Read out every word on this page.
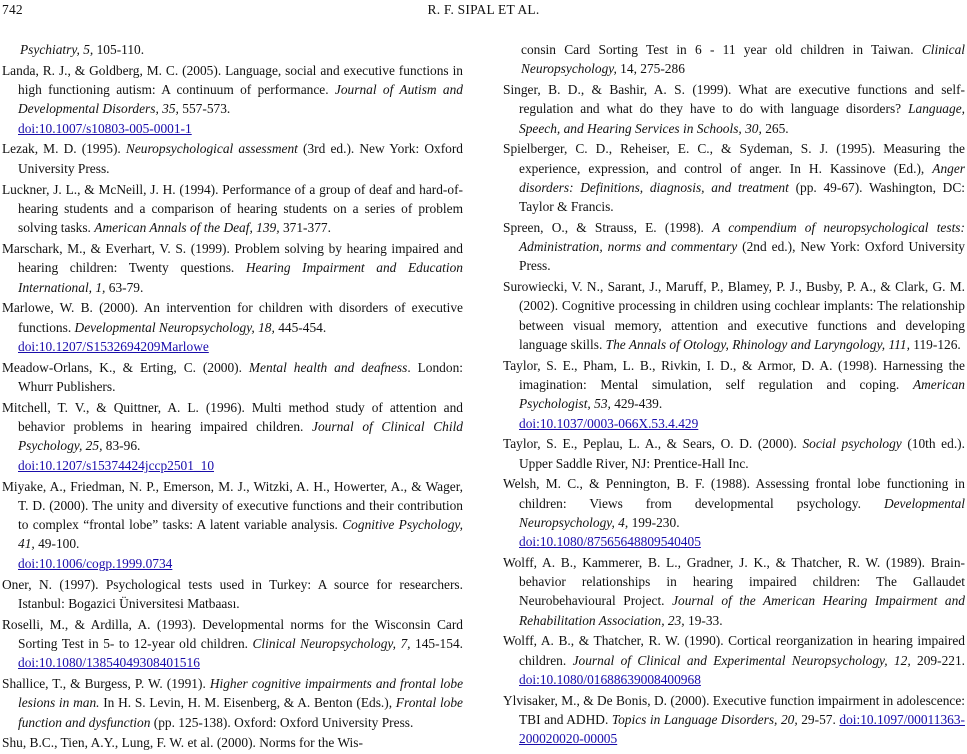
742	R. F. SIPAL ET AL.

Psychiatry, 5, 105-110.

Landa, R. J., & Goldberg, M. C. (2005). Language, social and executive functions in high functioning autism: A continuum of performance. Journal of Autism and Developmental Disorders, 35, 557-573.
doi:10.1007/s10803-005-0001-1

Lezak, M. D. (1995). Neuropsychological assessment (3rd ed.). New York: Oxford University Press.

Luckner, J. L., & McNeill, J. H. (1994). Performance of a group of deaf and hard-of-hearing students and a comparison of hearing students on a series of problem solving tasks. American Annals of the Deaf, 139, 371-377.

Marschark, M., & Everhart, V. S. (1999). Problem solving by hearing impaired and hearing children: Twenty questions. Hearing Impairment and Education International, 1, 63-79.

Marlowe, W. B. (2000). An intervention for children with disorders of executive functions. Developmental Neuropsychology, 18, 445-454.
doi:10.1207/S1532694209Marlowe

Meadow-Orlans, K., & Erting, C. (2000). Mental health and deafness. London: Whurr Publishers.

Mitchell, T. V., & Quittner, A. L. (1996). Multi method study of attention and behavior problems in hearing impaired children. Journal of Clinical Child Psychology, 25, 83-96.
doi:10.1207/s15374424jccp2501_10

Miyake, A., Friedman, N. P., Emerson, M. J., Witzki, A. H., Howerter, A., & Wager, T. D. (2000). The unity and diversity of executive functions and their contribution to complex “frontal lobe” tasks: A latent variable analysis. Cognitive Psychology, 41, 49-100.
doi:10.1006/cogp.1999.0734

Oner, N. (1997). Psychological tests used in Turkey: A source for researchers. Istanbul: Bogazici Üniversitesi Matbaası.

Roselli, M., & Ardilla, A. (1993). Developmental norms for the Wisconsin Card Sorting Test in 5- to 12-year old children. Clinical Neuropsychology, 7, 145-154. doi:10.1080/13854049308401516

Shallice, T., & Burgess, P. W. (1991). Higher cognitive impairments and frontal lobe lesions in man. In H. S. Levin, H. M. Eisenberg, & A. Benton (Eds.), Frontal lobe function and dysfunction (pp. 125-138). Oxford: Oxford University Press.

Shu, B.C., Tien, A.Y., Lung, F. W. et al. (2000). Norms for the Wis-

consin Card Sorting Test in 6 - 11 year old children in Taiwan. Clinical Neuropsychology, 14, 275-286

Singer, B. D., & Bashir, A. S. (1999). What are executive functions and self-regulation and what do they have to do with language disorders? Language, Speech, and Hearing Services in Schools, 30, 265.

Spielberger, C. D., Reheiser, E. C., & Sydeman, S. J. (1995). Measuring the experience, expression, and control of anger. In H. Kassinove (Ed.), Anger disorders: Definitions, diagnosis, and treatment (pp. 49-67). Washington, DC: Taylor & Francis.

Spreen, O., & Strauss, E. (1998). A compendium of neuropsychological tests: Administration, norms and commentary (2nd ed.), New York: Oxford University Press.

Surowiecki, V. N., Sarant, J., Maruff, P., Blamey, P. J., Busby, P. A., & Clark, G. M. (2002). Cognitive processing in children using cochlear implants: The relationship between visual memory, attention and executive functions and developing language skills. The Annals of Otology, Rhinology and Laryngology, 111, 119-126.

Taylor, S. E., Pham, L. B., Rivkin, I. D., & Armor, D. A. (1998). Harnessing the imagination: Mental simulation, self regulation and coping. American Psychologist, 53, 429-439.
doi:10.1037/0003-066X.53.4.429

Taylor, S. E., Peplau, L. A., & Sears, O. D. (2000). Social psychology (10th ed.). Upper Saddle River, NJ: Prentice-Hall Inc.

Welsh, M. C., & Pennington, B. F. (1988). Assessing frontal lobe functioning in children: Views from developmental psychology. Developmental Neuropsychology, 4, 199-230.
doi:10.1080/87565648809540405

Wolff, A. B., Kammerer, B. L., Gradner, J. K., & Thatcher, R. W. (1989). Brain-behavior relationships in hearing impaired children: The Gallaudet Neurobehavioural Project. Journal of the American Hearing Impairment and Rehabilitation Association, 23, 19-33.

Wolff, A. B., & Thatcher, R. W. (1990). Cortical reorganization in hearing impaired children. Journal of Clinical and Experimental Neuropsychology, 12, 209-221. doi:10.1080/01688639008400968

Ylvisaker, M., & De Bonis, D. (2000). Executive function impairment in adolescence: TBI and ADHD. Topics in Language Disorders, 20, 29-57. doi:10.1097/00011363-200020020-00005
